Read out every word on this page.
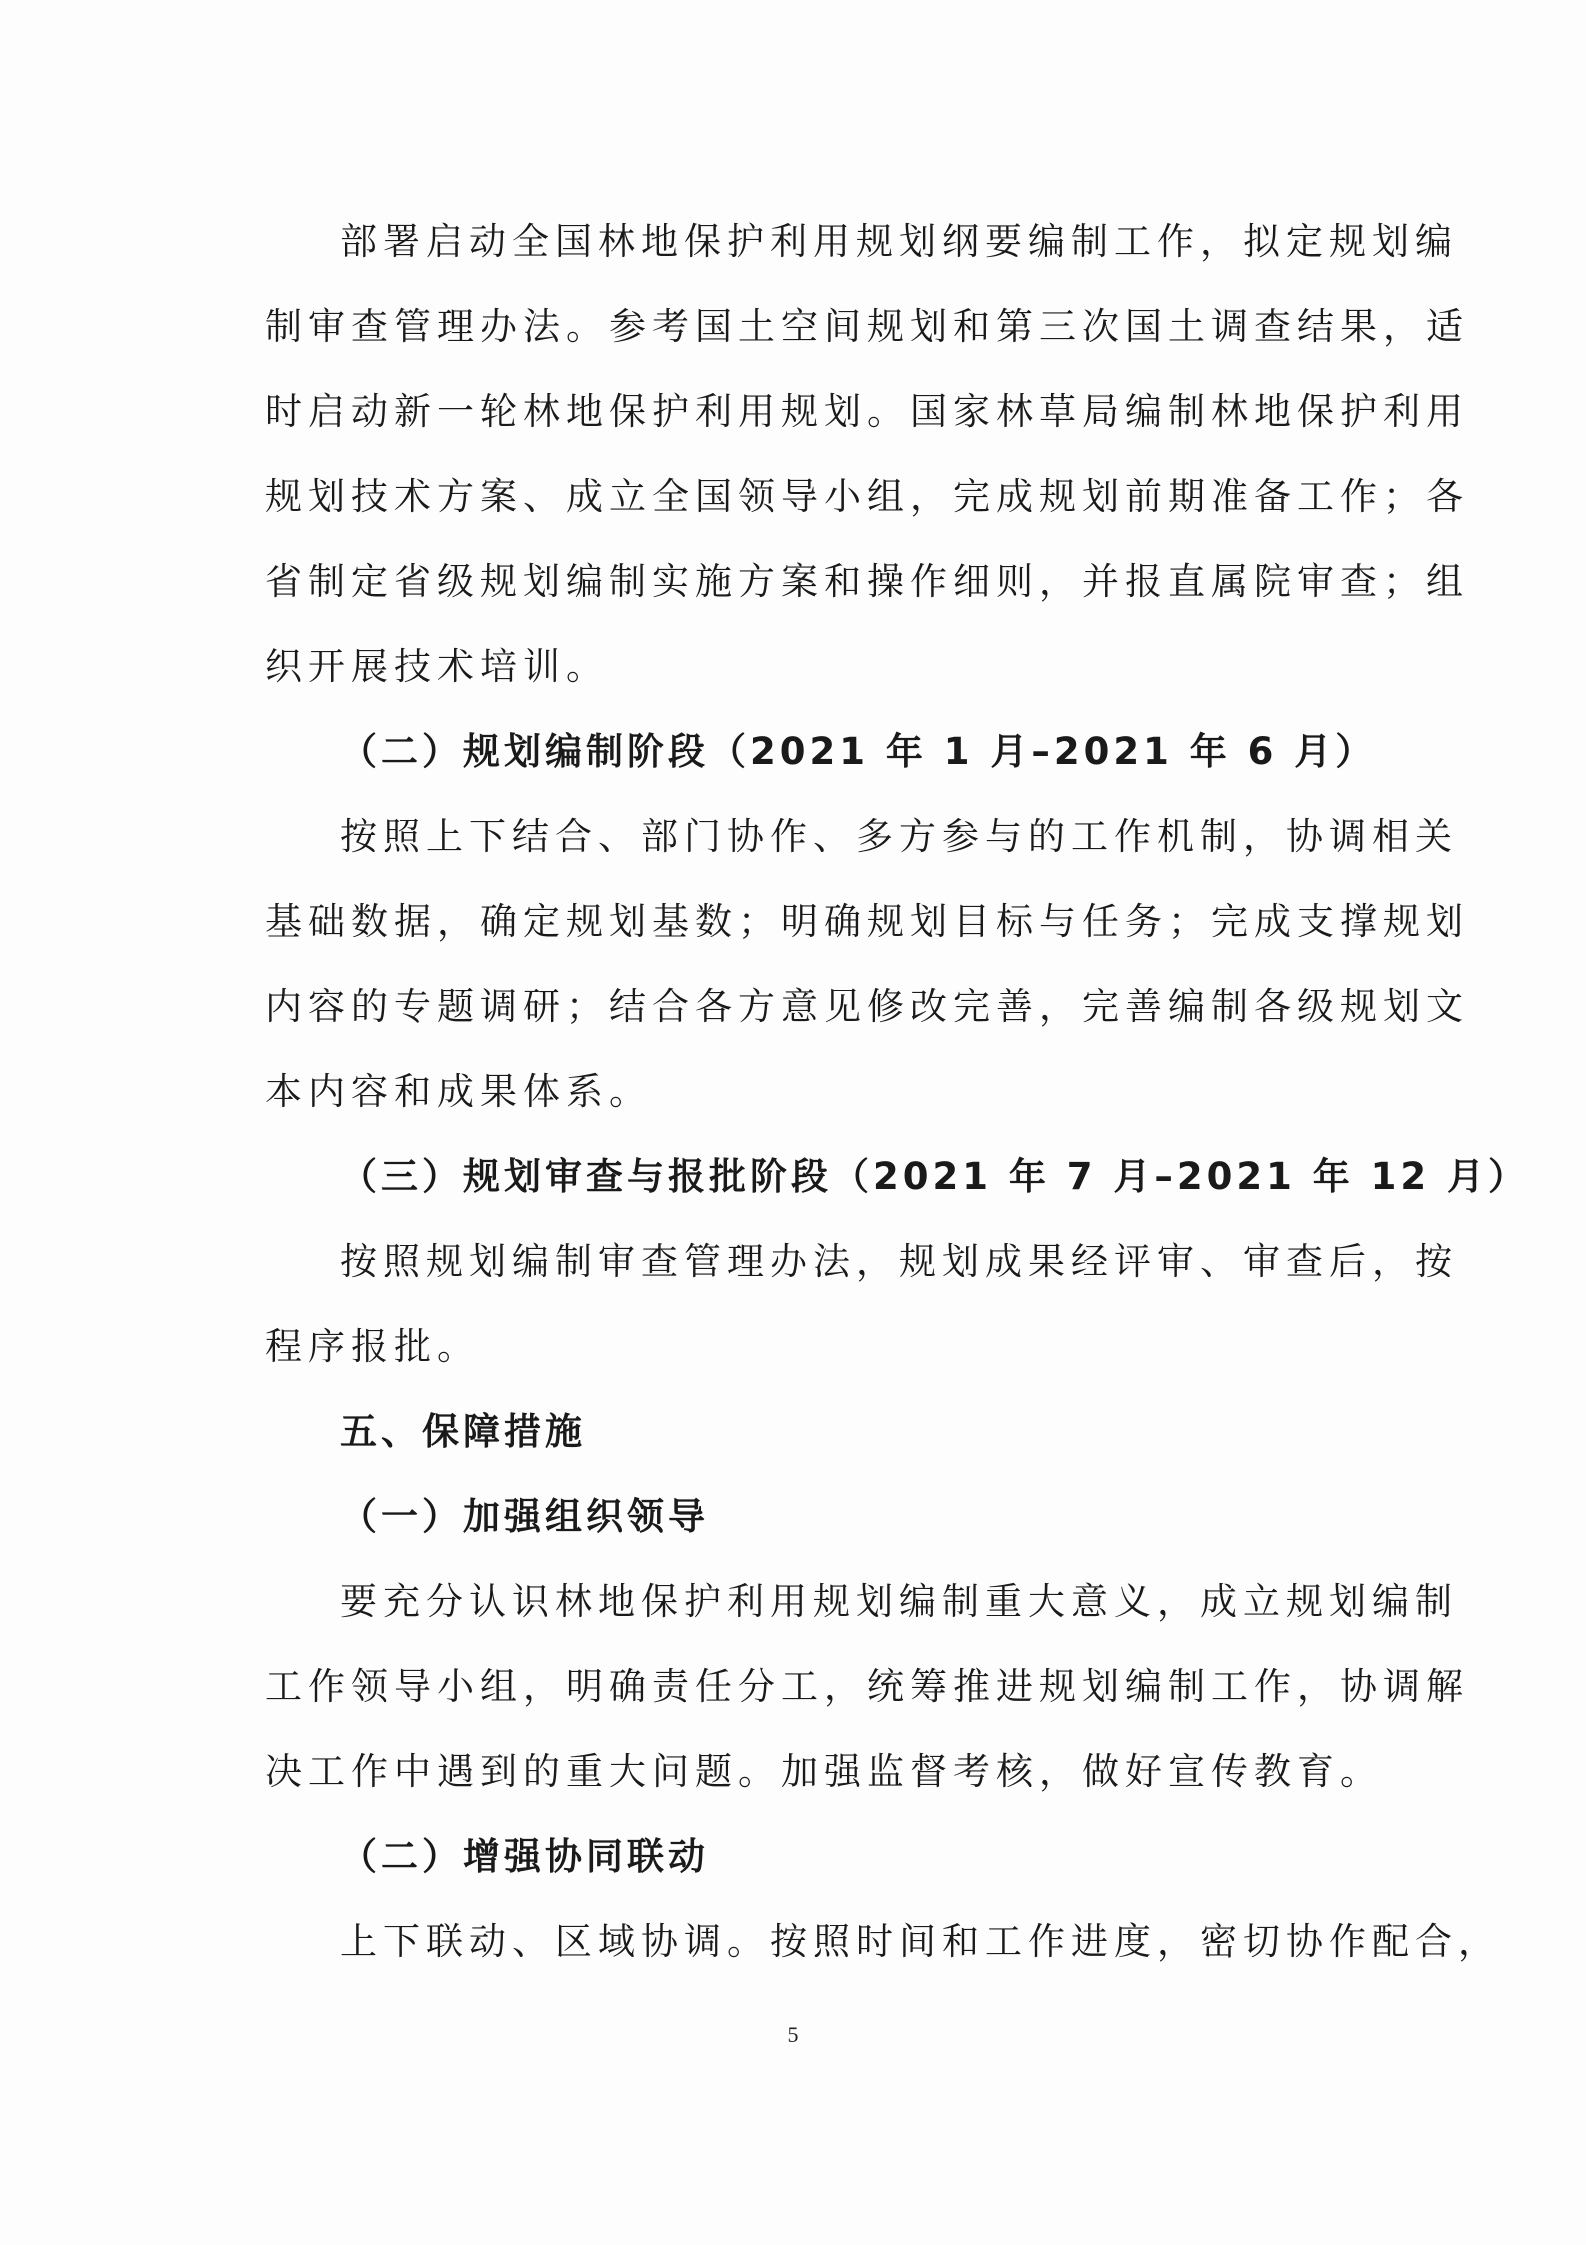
部署启动全国林地保护利用规划纲要编制工作，拟定规划编
制审查管理办法。参考国土空间规划和第三次国土调查结果，适
时启动新一轮林地保护利用规划。国家林草局编制林地保护利用
规划技术方案、成立全国领导小组，完成规划前期准备工作；各
省制定省级规划编制实施方案和操作细则，并报直属院审查；组
织开展技术培训。
（二）规划编制阶段（2021 年 1 月–2021 年 6 月）
按照上下结合、部门协作、多方参与的工作机制，协调相关
基础数据，确定规划基数；明确规划目标与任务；完成支撑规划
内容的专题调研；结合各方意见修改完善，完善编制各级规划文
本内容和成果体系。
（三）规划审查与报批阶段（2021 年 7 月–2021 年 12 月）
按照规划编制审查管理办法，规划成果经评审、审查后，按
程序报批。
五、保障措施
（一）加强组织领导
要充分认识林地保护利用规划编制重大意义，成立规划编制
工作领导小组，明确责任分工，统筹推进规划编制工作，协调解
决工作中遇到的重大问题。加强监督考核，做好宣传教育。
（二）增强协同联动
上下联动、区域协调。按照时间和工作进度，密切协作配合，
5
